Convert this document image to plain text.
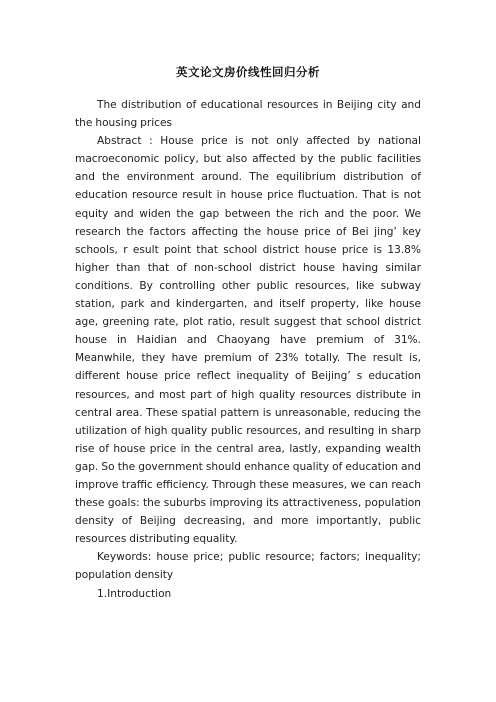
英文论文房价线性回归分析

The distribution of educational resources in Beijing city and the housing prices

Abstract : House price is not only affected by national macroeconomic policy, but also affected by the public facilities and the environment around. The equilibrium distribution of education resource result in house price fluctuation. That is not equity and widen the gap between the rich and the poor. We research the factors affecting the house price of Bei jing’ key schools, r esult point that school district house price is 13.8% higher than that of non-school district house having similar conditions. By controlling other public resources, like subway station, park and kindergarten, and itself property, like house age, greening rate, plot ratio, result suggest that school district house in Haidian and Chaoyang have premium of 31%. Meanwhile, they have premium of 23% totally. The result is, different house price reflect inequality of Beijing’ s education resources, and most part of high quality resources distribute in central area. These spatial pattern is unreasonable, reducing the utilization of high quality public resources, and resulting in sharp rise of house price in the central area, lastly, expanding wealth gap. So the government should enhance quality of education and improve traffic efficiency. Through these measures, we can reach these goals: the suburbs improving its attractiveness, population density of Beijing decreasing, and more importantly, public resources distributing equality.

Keywords: house price; public resource; factors; inequality; population density

1.Introduction
